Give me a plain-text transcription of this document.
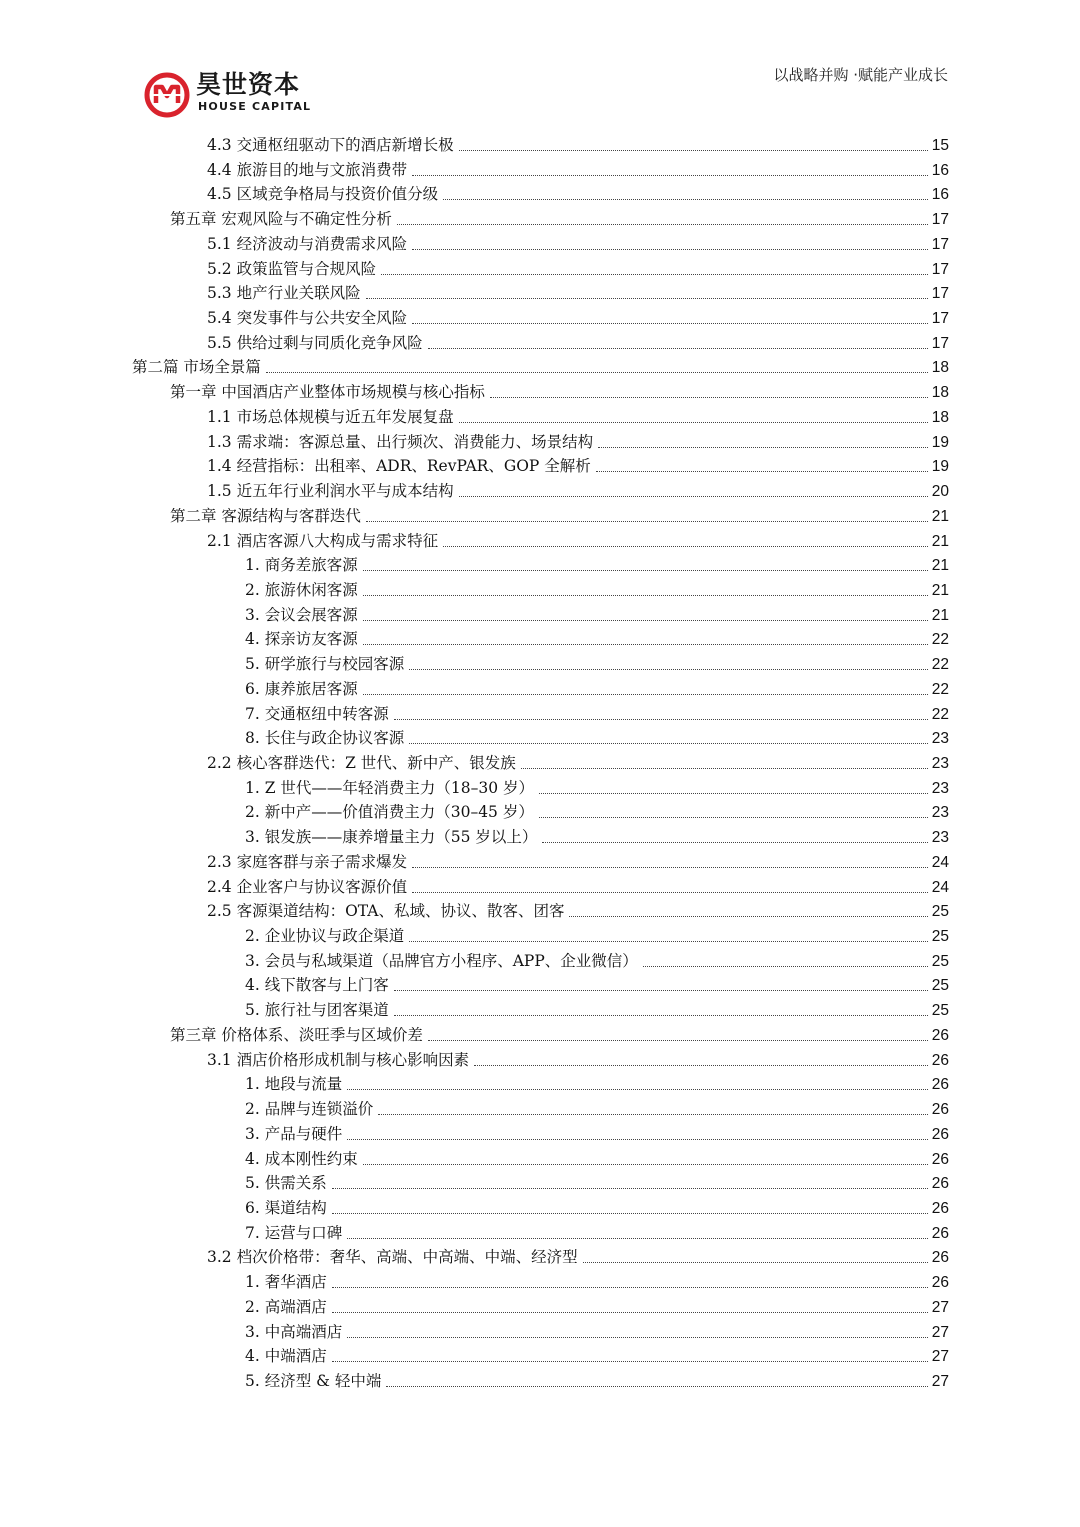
昊世资本
HOUSE CAPITAL
以战略并购 ·赋能产业成长
4.3 交通枢纽驱动下的酒店新增长极	15
4.4 旅游目的地与文旅消费带	16
4.5 区域竞争格局与投资价值分级	16
第五章 宏观风险与不确定性分析	17
5.1 经济波动与消费需求风险	17
5.2 政策监管与合规风险	17
5.3 地产行业关联风险	17
5.4 突发事件与公共安全风险	17
5.5 供给过剩与同质化竞争风险	17
第二篇 市场全景篇	18
第一章 中国酒店产业整体市场规模与核心指标	18
1.1 市场总体规模与近五年发展复盘	18
1.3 需求端：客源总量、出行频次、消费能力、场景结构	19
1.4 经营指标：出租率、ADR、RevPAR、GOP 全解析	19
1.5 近五年行业利润水平与成本结构	20
第二章 客源结构与客群迭代	21
2.1 酒店客源八大构成与需求特征	21
1. 商务差旅客源	21
2. 旅游休闲客源	21
3. 会议会展客源	21
4. 探亲访友客源	22
5. 研学旅行与校园客源	22
6. 康养旅居客源	22
7. 交通枢纽中转客源	22
8. 长住与政企协议客源	23
2.2 核心客群迭代：Z 世代、新中产、银发族	23
1. Z 世代——年轻消费主力（18–30 岁）	23
2. 新中产——价值消费主力（30–45 岁）	23
3. 银发族——康养增量主力（55 岁以上）	23
2.3 家庭客群与亲子需求爆发	24
2.4 企业客户与协议客源价值	24
2.5 客源渠道结构：OTA、私域、协议、散客、团客	25
2. 企业协议与政企渠道	25
3. 会员与私域渠道（品牌官方小程序、APP、企业微信）	25
4. 线下散客与上门客	25
5. 旅行社与团客渠道	25
第三章 价格体系、淡旺季与区域价差	26
3.1 酒店价格形成机制与核心影响因素	26
1. 地段与流量	26
2. 品牌与连锁溢价	26
3. 产品与硬件	26
4. 成本刚性约束	26
5. 供需关系	26
6. 渠道结构	26
7. 运营与口碑	26
3.2 档次价格带：奢华、高端、中高端、中端、经济型	26
1. 奢华酒店	26
2. 高端酒店	27
3. 中高端酒店	27
4. 中端酒店	27
5. 经济型 & 轻中端	27
